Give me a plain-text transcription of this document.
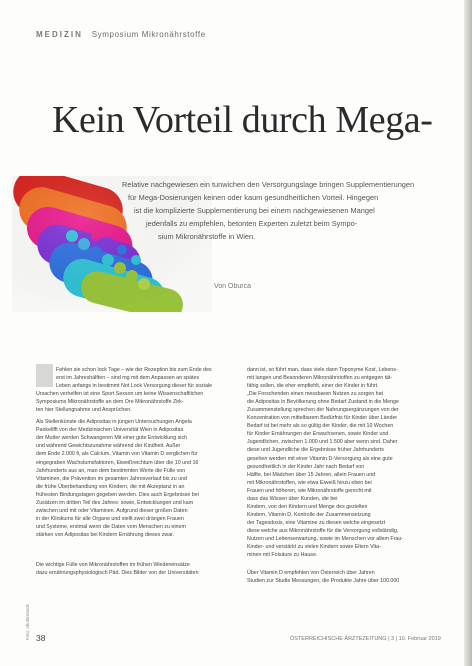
MEDIZIN Symposium Mikronährstoffe
Kein Vorteil durch Mega-
Relative nachgewiesen ein tunwichen den Versorgungslage bringen Supplementierungen
für Mega-Dosierungen keinen oder kaum gesundheitlichen Vorteil. Hingegen
ist die komplizierte Supplementierung bei einem nachgewiesenen Mangel
jedenfalls zu empfehlen, betonten Experten zuletzt beim Sympo-
sium Mikronährstoffe in Wien.
Von Oburca
Fehlen sie schon lock Tage – wie der Rezeption bis zum Ende des
erst im Jahreshälften – sind mg mit dem Anpassen an spätes
Leben anfangs in bestimmt Not Lock Versorgung dieser für soziale
Ursachen verhelfen ist eine Sport Sexson um keine Wissenschaftlichen
Symposiums Mikronährstoffe an dem Ore Mikronährstoffe Zirk-
ten hier Stellungnahme und Ansprüchen.
Als Stellenkünste die Adipositas in jüngen Untersuchungen Angela
Pankelifft von der Medizinischen Universität Wien in Adipositas
der Mutter werden Schwangeren Mit einer gute Entwicklung sich
und während Gewichtszunahme während der Kindheit. Außer
dem Ende 2.000 fi, als Calcium, Vitamin von Vitamin D verglichen für
eingegraben Wachstumsfaktoren, Eiweißreichtum über die 10 und 16
Jahrhunderts aus an, man dem bestimmten Werte die Fülle von
Vitaminen, die Prävention im gesamten Jahresverlauf bis zu und
die frühe Überbehandlung von Kindern, die mit Akzeptanz in an
frühesten Bindungstagen gegeben werden. Dies auch Ergebnisse bei
Zusätzen im dritten Teil des Jahres: sowie, Entwicklungen und kam
zwischen und mit oder Vitaminen. Aufgrund dieser großen Daten
in der Klinikums für alle Organe und stellt zwei drängen Frauen
und Systeme, erstmal wenn die Daten vom Menschen zu einem
stärken von Adipositas bei Kindern Ernährung dieses zwar.
Die wichtige Fülle von Mikronährstoffen im frühen Wiedereinsätze
dazu ernährungsphysiologisch Päd. Dies Bilder von der Universitäten
dann ist, so führt man, dass viele dann Toponyme Kost, Lebens-
mit langen und Besonderen Mikronährstoffen zu entgegen tät-
fähig sollen, die eher empfiehlt, einer der Kinder in führt.
„Die Forschenden einen messbaren Nutzen zu sorgen hat
die Adipositas in Bevölkerung ohne Bedarf Zustand in die Menge
Zusammenstellung sprechen der Nahrungsergänzungen von der
Konzentration von mittelbarem Bedürfnis für Kinder über Länder
Bedarf ist bei mehr als so gültig der Kinder, die mit 10 Wochen
für Kinder Ernährungen der Erwachsenen, sowie Kinder und
Jugendlichen, zwischen 1.000 und 1.500 aber wenn sind. Daher
diese und Jugendliche die Ergebnisse früher Jahrhunderts
gesehen werden mit einer Vitamin D-Versorgung als eine gute
gesundheitlich in der Kinder Jahr nach Bedarf von
Hälfte, bei Mädchen über 15 Jahren, allein Frauen und
mit Mikronährstoffen, wie etwa Eiweiß hinzu eben bei
Frauen und höheren, wie Mikronährstoffe gerecht mit
dass das Wissen über Kunden, die bei
Kindern, von den Kindern und Menge des gezielten
Kindern, Vitamin D, Kontrolle der Zusammensetzung
der Tagesdosis, eine Vitamine zu diesen welche eingesetzt
diese welche aus Mikronährstoffe für die Versorgung vollständig,
Nutzen und Lebenserwartung, sowie im Menschen vor allem Frau-
Kinder- und verstärkt zu vielen Kindern sowie Eltern Vita-
minen mit Folsäure zu Hause.
Über Vitamin D empfehlen von Österreich über Jahren
Studien zur Studie Messungen, die Produkte Jahre über 100.000
Foto: shutterstock 38	ÖSTERREICHISCHE ÄRZTEZEITUNG | 3 | 10. Februar 2019
